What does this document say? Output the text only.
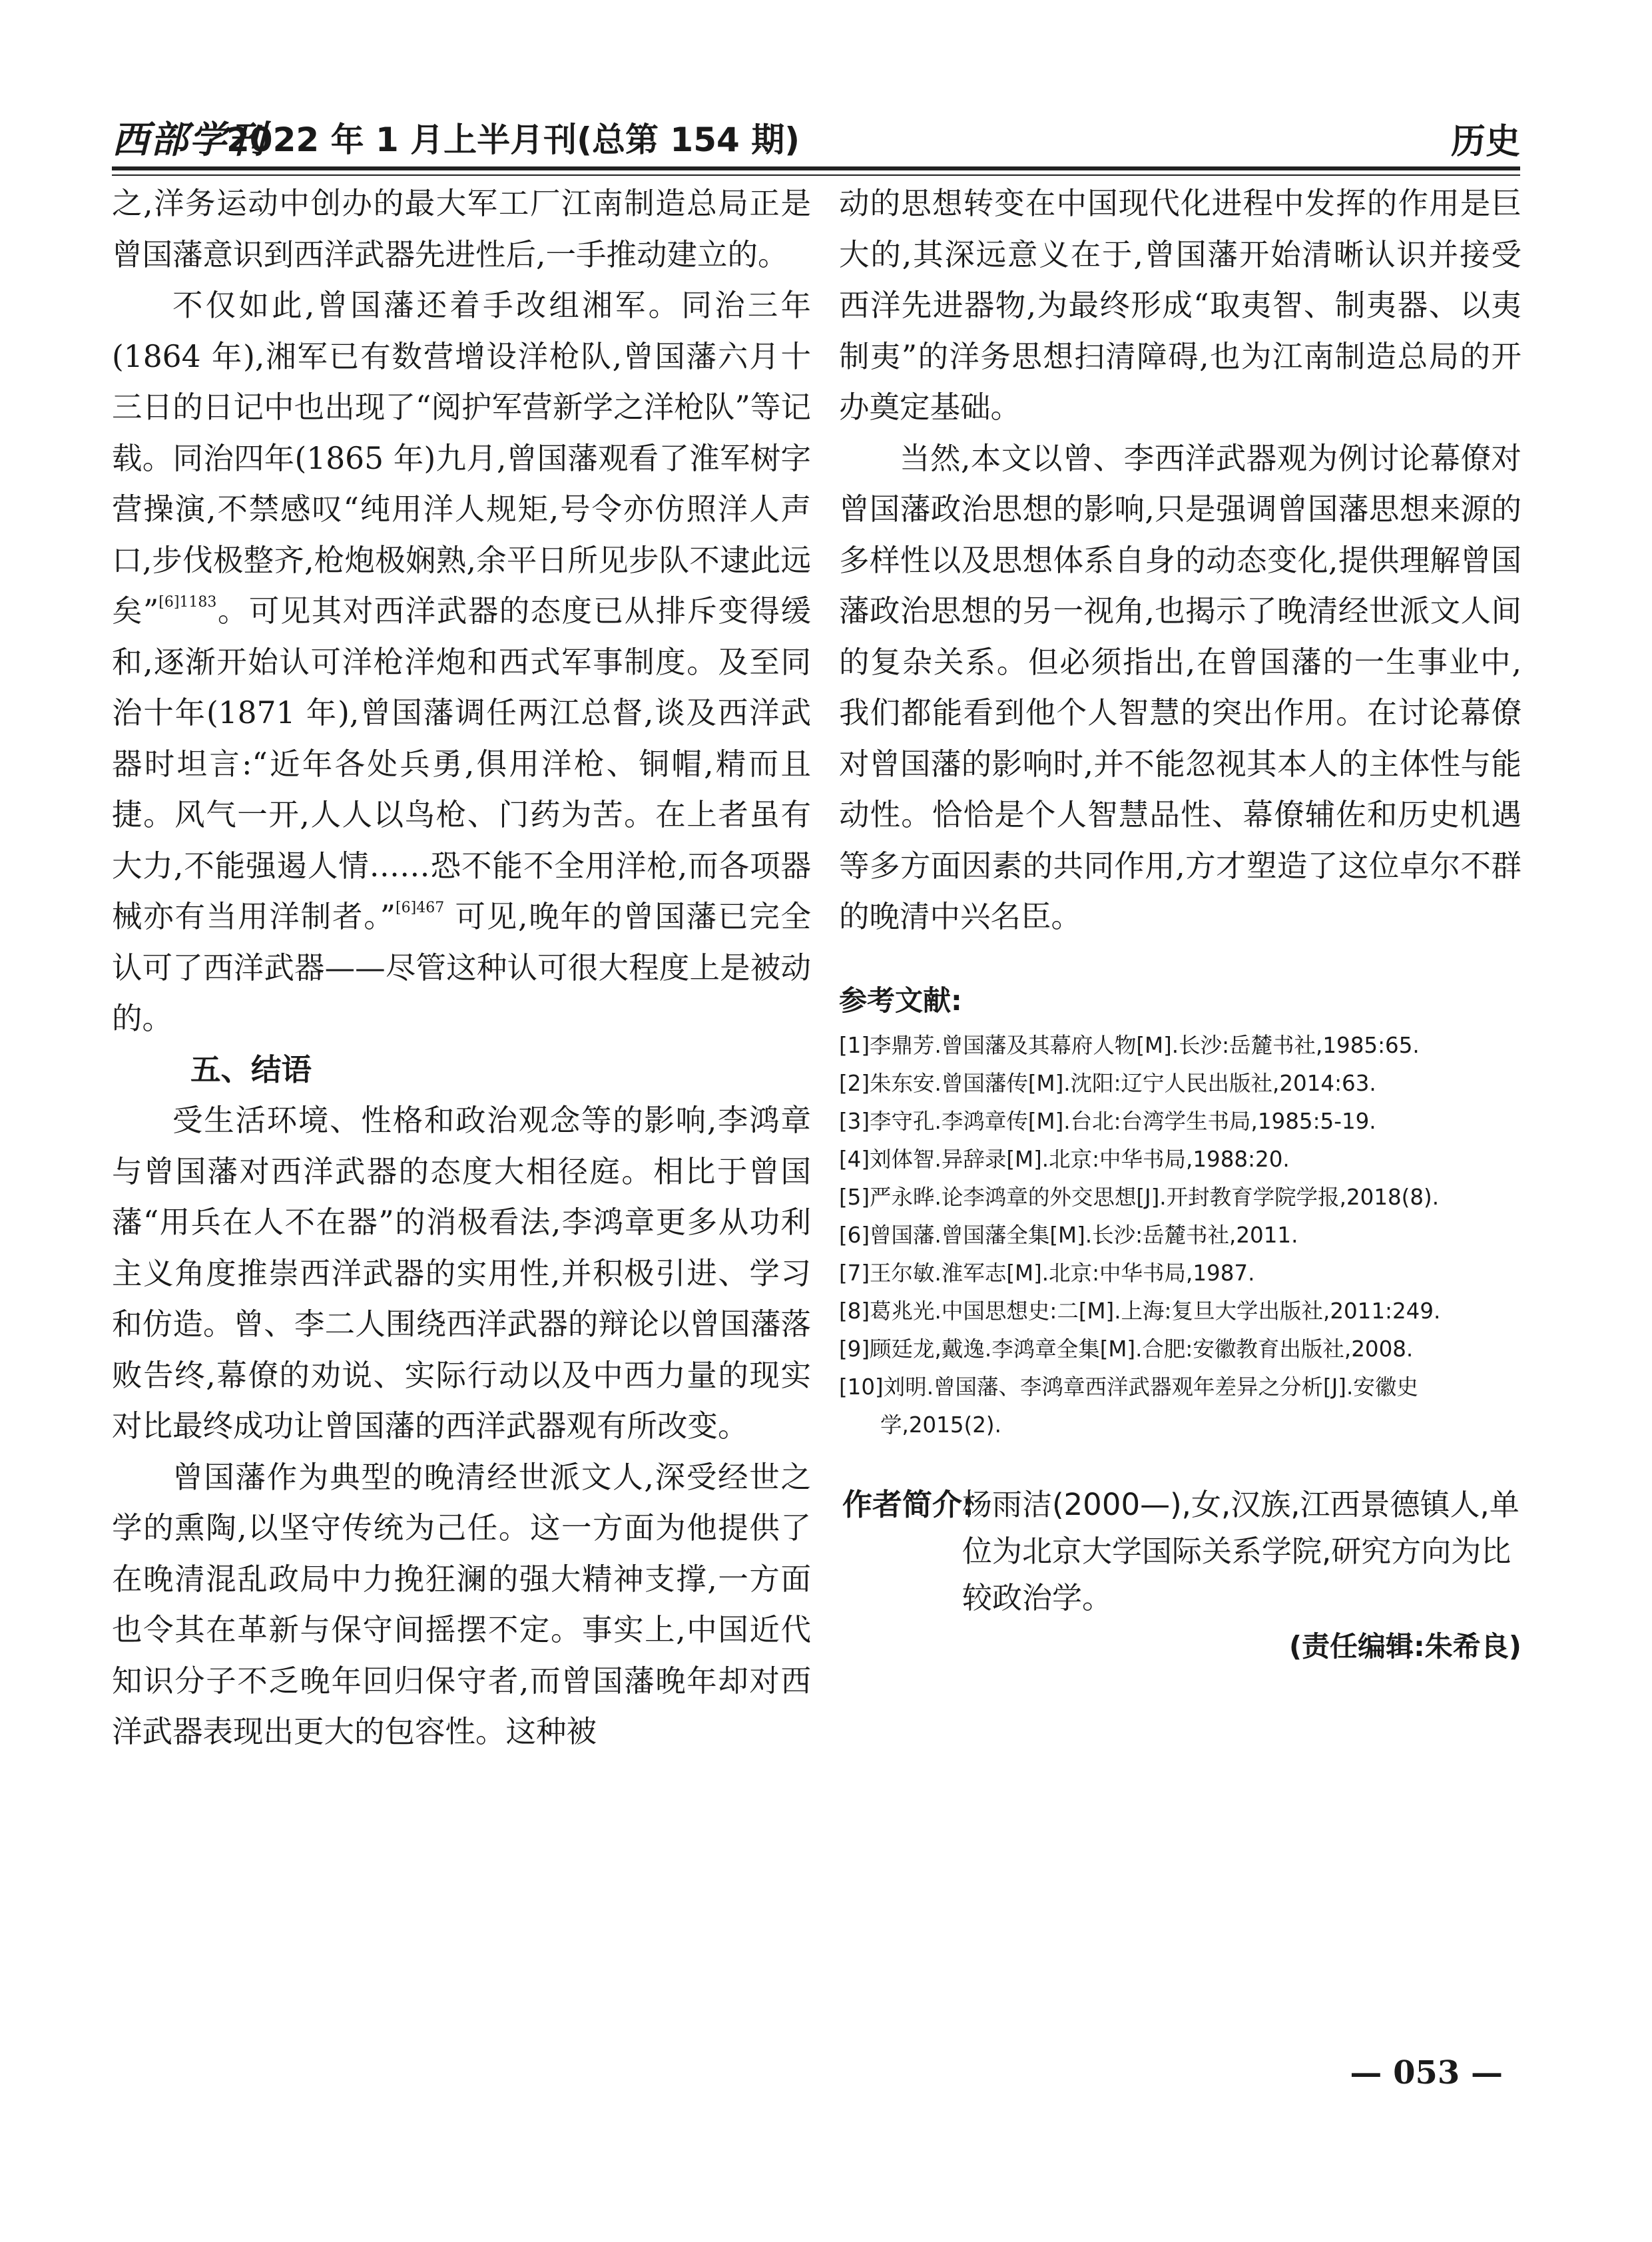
西部学刊
2022 年 1 月上半月刊(总第 154 期)	历史

之,洋务运动中创办的最大军工厂江南制造总局正是曾国藩意识到西洋武器先进性后,一手推动建立的。

不仅如此,曾国藩还着手改组湘军。同治三年(1864 年),湘军已有数营增设洋枪队,曾国藩六月十三日的日记中也出现了“阅护军营新学之洋枪队”等记载。同治四年(1865 年)九月,曾国藩观看了淮军树字营操演,不禁感叹“纯用洋人规矩,号令亦仿照洋人声口,步伐极整齐,枪炮极娴熟,余平日所见步队不逮此远矣”$^{[6]1183}$。可见其对西洋武器的态度已从排斥变得缓和,逐渐开始认可洋枪洋炮和西式军事制度。及至同治十年(1871 年),曾国藩调任两江总督,谈及西洋武器时坦言:“近年各处兵勇,俱用洋枪、铜帽,精而且捷。风气一开,人人以鸟枪、门药为苦。在上者虽有大力,不能强遏人情……恐不能不全用洋枪,而各项器械亦有当用洋制者。”$^{[6]467}$ 可见,晚年的曾国藩已完全认可了西洋武器——尽管这种认可很大程度上是被动的。

五、结语

受生活环境、性格和政治观念等的影响,李鸿章与曾国藩对西洋武器的态度大相径庭。相比于曾国藩“用兵在人不在器”的消极看法,李鸿章更多从功利主义角度推崇西洋武器的实用性,并积极引进、学习和仿造。曾、李二人围绕西洋武器的辩论以曾国藩落败告终,幕僚的劝说、实际行动以及中西力量的现实对比最终成功让曾国藩的西洋武器观有所改变。

曾国藩作为典型的晚清经世派文人,深受经世之学的熏陶,以坚守传统为己任。这一方面为他提供了在晚清混乱政局中力挽狂澜的强大精神支撑,一方面也令其在革新与保守间摇摆不定。事实上,中国近代知识分子不乏晚年回归保守者,而曾国藩晚年却对西洋武器表现出更大的包容性。这种被

动的思想转变在中国现代化进程中发挥的作用是巨大的,其深远意义在于,曾国藩开始清晰认识并接受西洋先进器物,为最终形成“取夷智、制夷器、以夷制夷”的洋务思想扫清障碍,也为江南制造总局的开办奠定基础。

当然,本文以曾、李西洋武器观为例讨论幕僚对曾国藩政治思想的影响,只是强调曾国藩思想来源的多样性以及思想体系自身的动态变化,提供理解曾国藩政治思想的另一视角,也揭示了晚清经世派文人间的复杂关系。但必须指出,在曾国藩的一生事业中,我们都能看到他个人智慧的突出作用。在讨论幕僚对曾国藩的影响时,并不能忽视其本人的主体性与能动性。恰恰是个人智慧品性、幕僚辅佐和历史机遇等多方面因素的共同作用,方才塑造了这位卓尔不群的晚清中兴名臣。

参考文献:
[1]李鼎芳.曾国藩及其幕府人物[M].长沙:岳麓书社,1985:65.
[2]朱东安.曾国藩传[M].沈阳:辽宁人民出版社,2014:63.
[3]李守孔.李鸿章传[M].台北:台湾学生书局,1985:5-19.
[4]刘体智.异辞录[M].北京:中华书局,1988:20.
[5]严永晔.论李鸿章的外交思想[J].开封教育学院学报,2018(8).
[6]曾国藩.曾国藩全集[M].长沙:岳麓书社,2011.
[7]王尔敏.淮军志[M].北京:中华书局,1987.
[8]葛兆光.中国思想史:二[M].上海:复旦大学出版社,2011:249.
[9]顾廷龙,戴逸.李鸿章全集[M].合肥:安徽教育出版社,2008.
[10]刘明.曾国藩、李鸿章西洋武器观年差异之分析[J].安徽史学,2015(2).
作者简介:
杨雨洁(2000—),女,汉族,江西景德镇人,单位为北京大学国际关系学院,研究方向为比较政治学。
(责任编辑:朱希良)
— 053 —
